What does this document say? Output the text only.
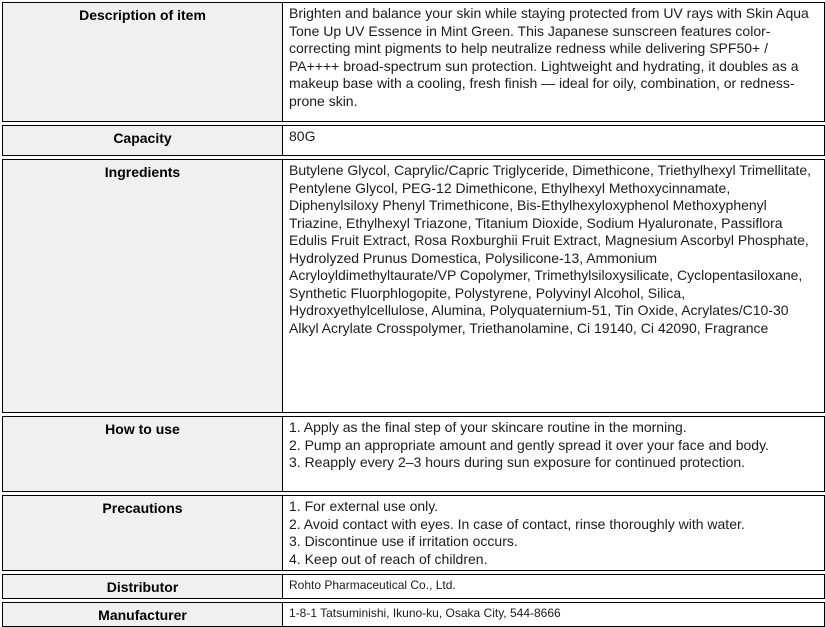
Description of item	Brighten and balance your skin while staying protected from UV rays with Skin Aqua Tone Up UV Essence in Mint Green. This Japanese sunscreen features color-correcting mint pigments to help neutralize redness while delivering SPF50+ / PA++++ broad-spectrum sun protection. Lightweight and hydrating, it doubles as a makeup base with a cooling, fresh finish — ideal for oily, combination, or redness-prone skin.
Capacity	80G
Ingredients	Butylene Glycol, Caprylic/Capric Triglyceride, Dimethicone, Triethylhexyl Trimellitate, Pentylene Glycol, PEG-12 Dimethicone, Ethylhexyl Methoxycinnamate, Diphenylsiloxy Phenyl Trimethicone, Bis-Ethylhexyloxyphenol Methoxyphenyl Triazine, Ethylhexyl Triazone, Titanium Dioxide, Sodium Hyaluronate, Passiflora Edulis Fruit Extract, Rosa Roxburghii Fruit Extract, Magnesium Ascorbyl Phosphate, Hydrolyzed Prunus Domestica, Polysilicone-13, Ammonium Acryloyldimethyltaurate/VP Copolymer, Trimethylsiloxysilicate, Cyclopentasiloxane, Synthetic Fluorphlogopite, Polystyrene, Polyvinyl Alcohol, Silica, Hydroxyethylcellulose, Alumina, Polyquaternium-51, Tin Oxide, Acrylates/C10-30 Alkyl Acrylate Crosspolymer, Triethanolamine, Ci 19140, Ci 42090, Fragrance
How to use	1. Apply as the final step of your skincare routine in the morning.
2. Pump an appropriate amount and gently spread it over your face and body.
3. Reapply every 2–3 hours during sun exposure for continued protection.
Precautions	1. For external use only.
2. Avoid contact with eyes. In case of contact, rinse thoroughly with water.
3. Discontinue use if irritation occurs.
4. Keep out of reach of children.
Distributor	Rohto Pharmaceutical Co., Ltd.
Manufacturer	1-8-1 Tatsuminishi, Ikuno-ku, Osaka City, 544-8666
